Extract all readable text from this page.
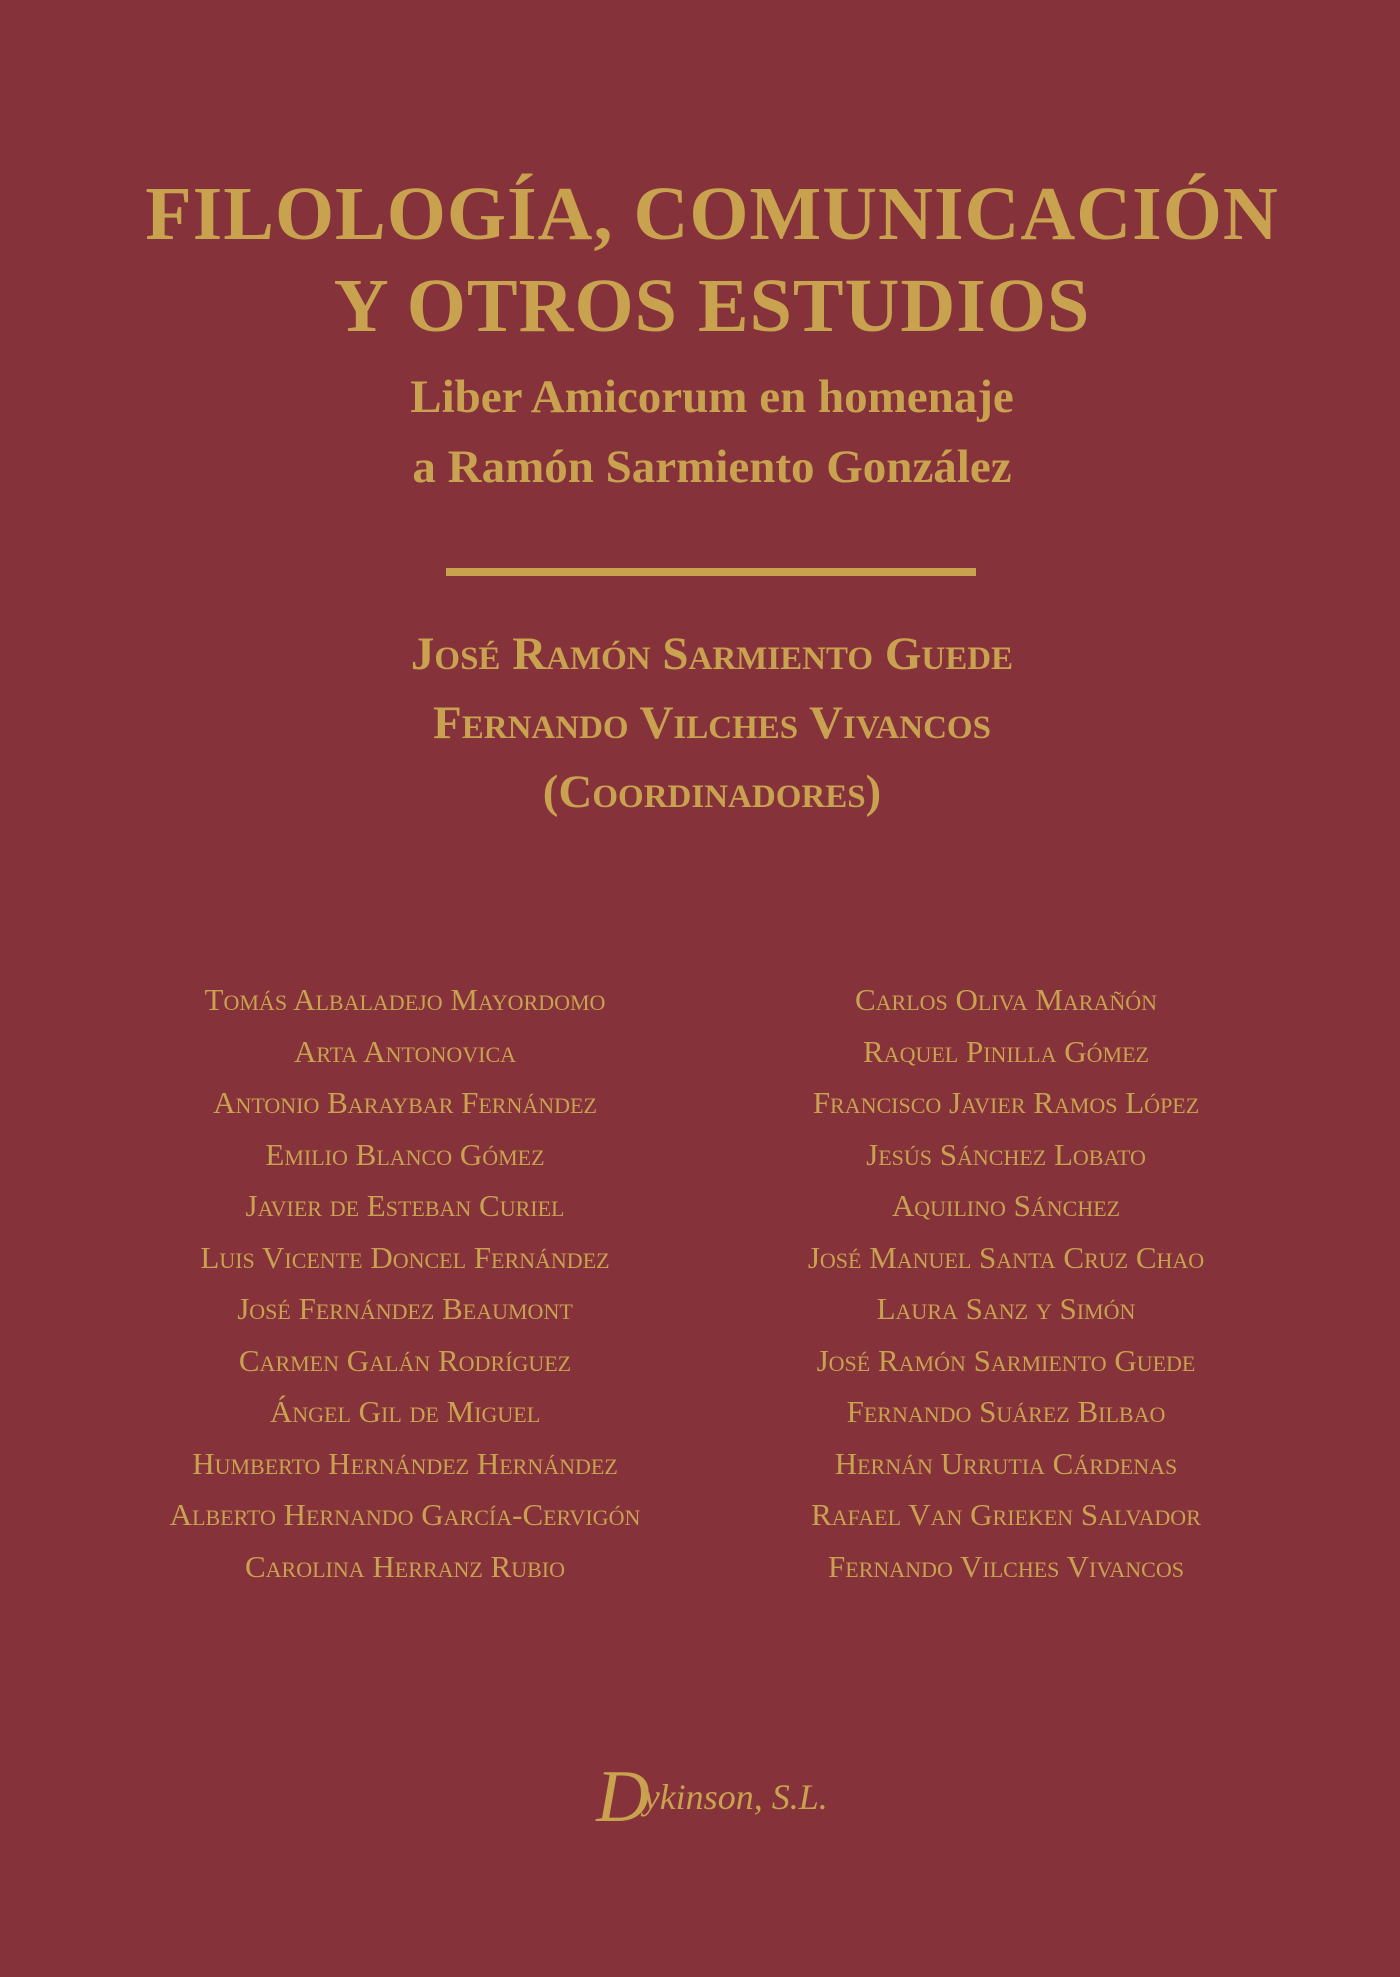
FILOLOGÍA, COMUNICACIÓN
Y OTROS ESTUDIOS
Liber Amicorum en homenaje
a Ramón Sarmiento González
José Ramón Sarmiento Guede
Fernando Vilches Vivancos
(Coordinadores)
Tomás Albaladejo Mayordomo
Arta Antonovica
Antonio Baraybar Fernández
Emilio Blanco Gómez
Javier de Esteban Curiel
Luis Vicente Doncel Fernández
José Fernández Beaumont
Carmen Galán Rodríguez
Ángel Gil de Miguel
Humberto Hernández Hernández
Alberto Hernando García-Cervigón
Carolina Herranz Rubio
Carlos Oliva Marañón
Raquel Pinilla Gómez
Francisco Javier Ramos López
Jesús Sánchez Lobato
Aquilino Sánchez
José Manuel Santa Cruz Chao
Laura Sanz y Simón
José Ramón Sarmiento Guede
Fernando Suárez Bilbao
Hernán Urrutia Cárdenas
Rafael Van Grieken Salvador
Fernando Vilches Vivancos
Dykinson, S.L.
